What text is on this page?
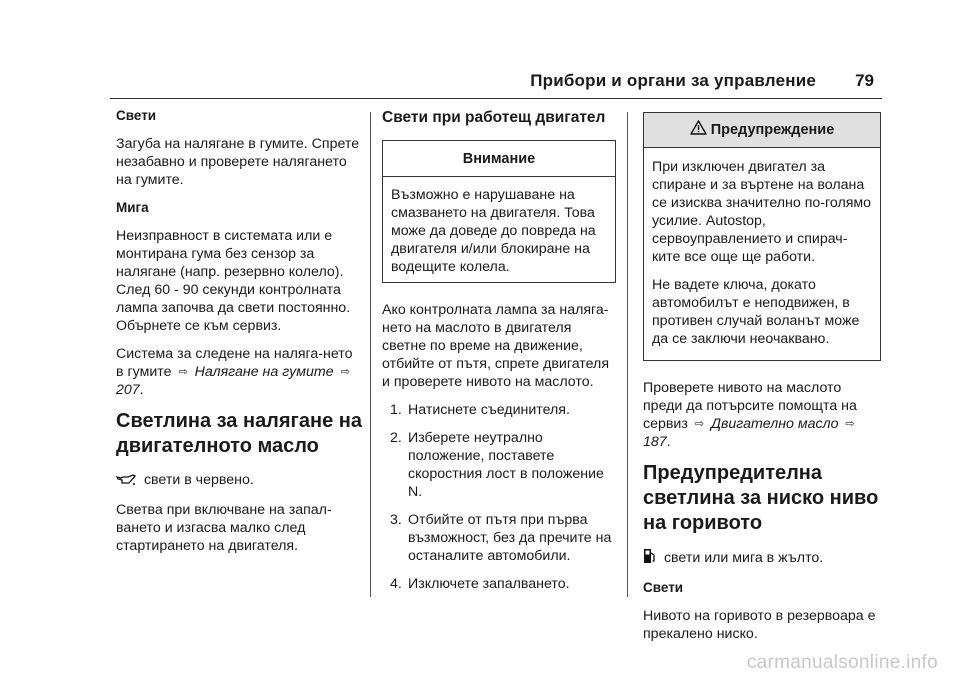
Прибори и органи за управление 79
Свети

Загуба на налягане в гумите. Спрете незабавно и проверете налягането на гумите.

Мига

Неизправност в системата или е монтирана гума без сензор за налягане (напр. резервно колело). След 60 - 90 секунди контролната лампа започва да свети постоянно. Обърнете се към сервиз.

Система за следене на наляга-нето в гумите ⇨ Налягане на гумите ⇨ 207.

Светлина за налягане на двигателното масло

свети в червено.

Светва при включване на запал-ването и изгасва малко след стартирането на двигателя.

Свети при работещ двигател
Внимание
Възможно е нарушаване на смазването на двигателя. Това може да доведе до повреда на двигателя и/или блокиране на водещите колела.

Ако контролната лампа за наляга-нето на маслото в двигателя светне по време на движение, отбийте от пътя, спрете двигателя и проверете нивото на маслото.

1. Натиснете съединителя.
2. Изберете неутрално положение, поставете скоростния лост в положение N.
3. Отбийте от пътя при първа възможност, без да пречите на останалите автомобили.
4. Изключете запалването.
Предупреждение

При изключен двигател за спиране и за въртене на волана се изисква значително по-голямо усилие. Autostop, сервоуправлението и спирач-ките все още ще работи.

Не вадете ключа, докато автомобилът е неподвижен, в противен случай воланът може да се заключи неочаквано.

Проверете нивото на маслото преди да потърсите помощта на сервиз ⇨ Двигателно масло ⇨ 187.

Предупредителна светлина за ниско ниво на горивото

свети или мига в жълто.

Свети

Нивото на горивото в резервоара е прекалено ниско.

carmanualsonline.info
